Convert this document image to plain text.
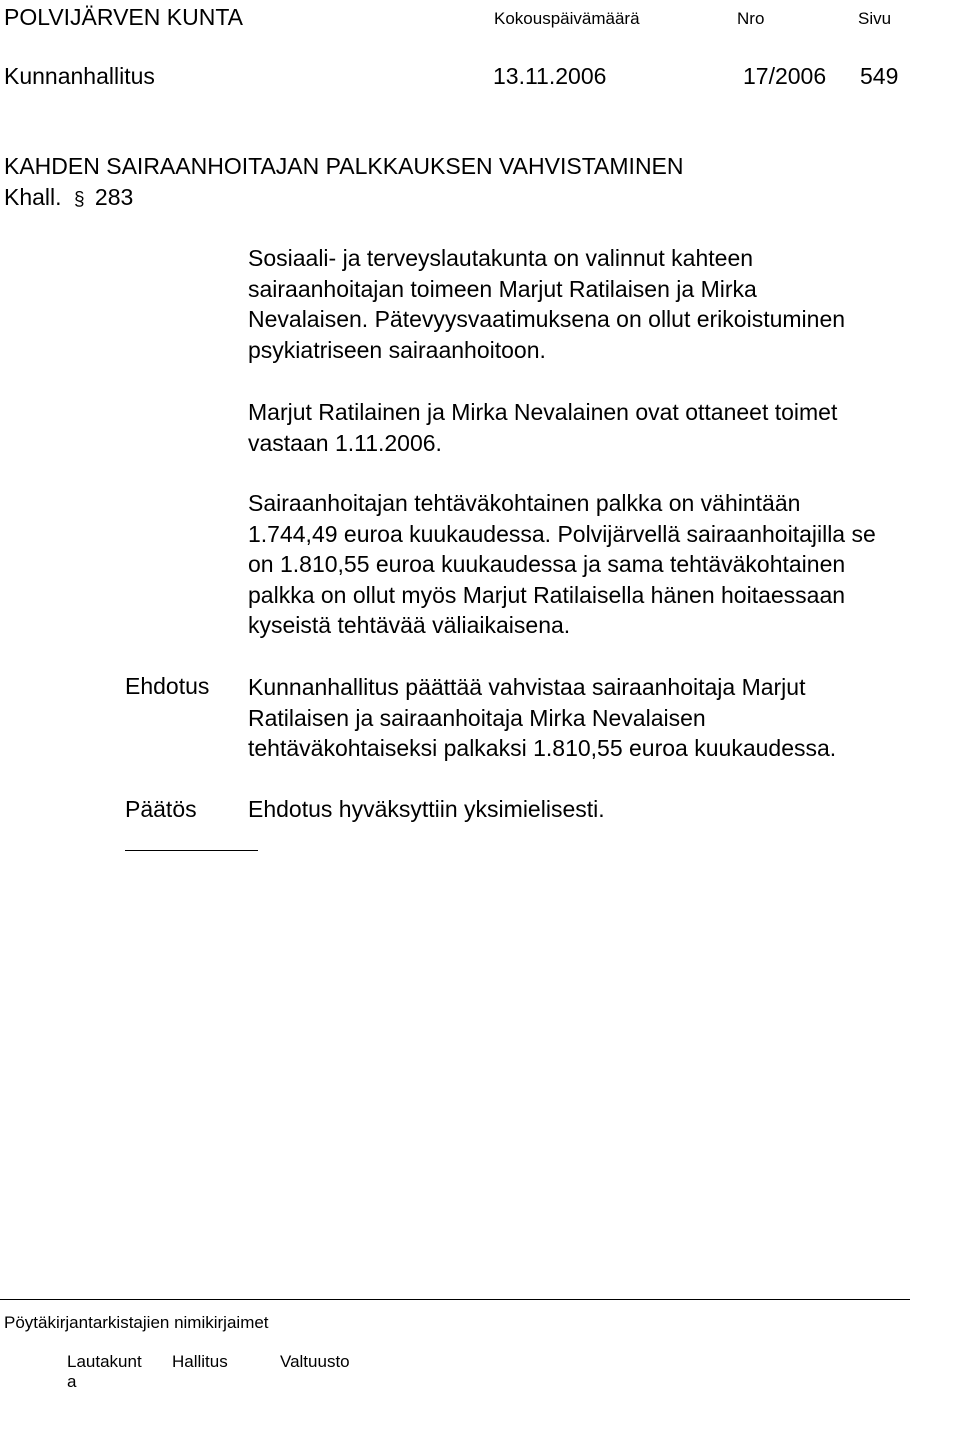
POLVIJÄRVEN KUNTA	Kokouspäivämäärä	Nro	Sivu
Kunnanhallitus	13.11.2006	17/2006 549
KAHDEN SAIRAANHOITAJAN PALKKAUKSEN VAHVISTAMINEN
Khall. § 283
Sosiaali- ja terveyslautakunta on valinnut kahteen
sairaanhoitajan toimeen Marjut Ratilaisen ja Mirka
Nevalaisen. Pätevyysvaatimuksena on ollut erikoistuminen
psykiatriseen sairaanhoitoon.
Marjut Ratilainen ja Mirka Nevalainen ovat ottaneet toimet
vastaan 1.11.2006.
Sairaanhoitajan tehtäväkohtainen palkka on vähintään
1.744,49 euroa kuukaudessa. Polvijärvellä sairaanhoitajilla se
on 1.810,55 euroa kuukaudessa ja sama tehtäväkohtainen
palkka on ollut myös Marjut Ratilaisella hänen hoitaessaan
kyseistä tehtävää väliaikaisena.
Ehdotus Kunnanhallitus päättää vahvistaa sairaanhoitaja Marjut
Ratilaisen ja sairaanhoitaja Mirka Nevalaisen
tehtäväkohtaiseksi palkaksi 1.810,55 euroa kuukaudessa.
Päätös Ehdotus hyväksyttiin yksimielisesti.
Pöytäkirjantarkistajien nimikirjaimet
Lautakunt
a
Hallitus	Valtuusto
